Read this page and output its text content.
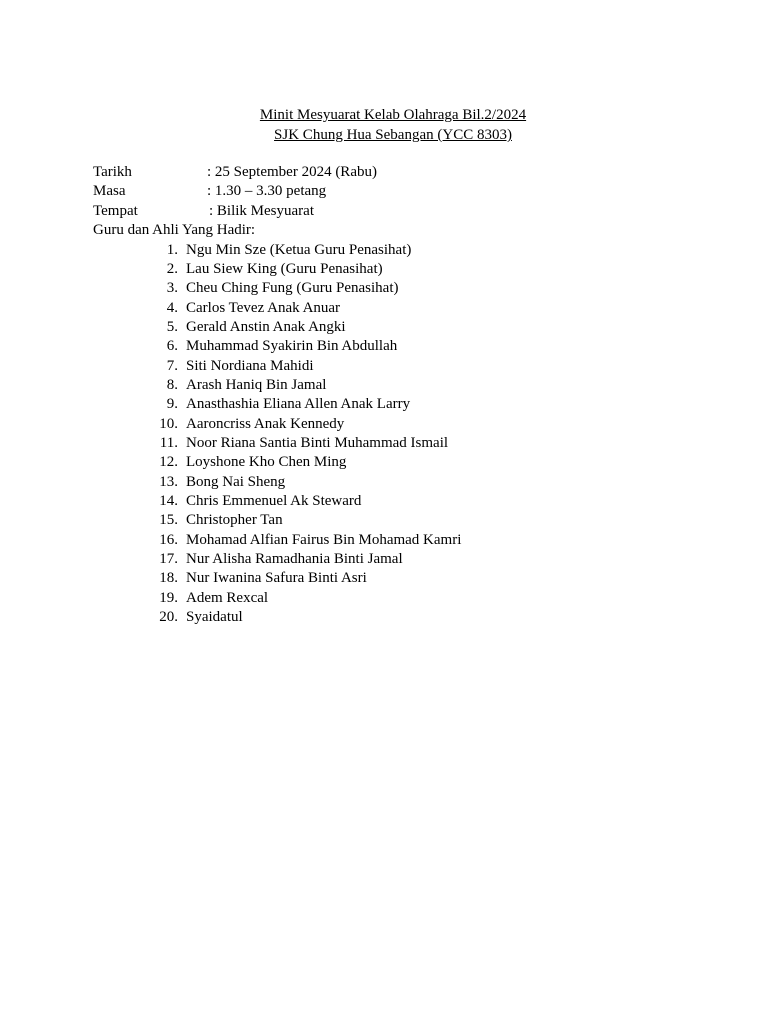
Minit Mesyuarat Kelab Olahraga Bil.2/2024
SJK Chung Hua Sebangan (YCC 8303)
Tarikh	: 25 September 2024 (Rabu)
Masa	: 1.30 – 3.30 petang
Tempat	: Bilik Mesyuarat
Guru dan Ahli Yang Hadir:
1. Ngu Min Sze (Ketua Guru Penasihat)
2. Lau Siew King (Guru Penasihat)
3. Cheu Ching Fung (Guru Penasihat)
4. Carlos Tevez Anak Anuar
5. Gerald Anstin Anak Angki
6. Muhammad Syakirin Bin Abdullah
7. Siti Nordiana Mahidi
8. Arash Haniq Bin Jamal
9. Anasthashia Eliana Allen Anak Larry
10. Aaroncriss Anak Kennedy
11. Noor Riana Santia Binti Muhammad Ismail
12. Loyshone Kho Chen Ming
13. Bong Nai Sheng
14. Chris Emmenuel Ak Steward
15. Christopher Tan
16. Mohamad Alfian Fairus Bin Mohamad Kamri
17. Nur Alisha Ramadhania Binti Jamal
18. Nur Iwanina Safura Binti Asri
19. Adem Rexcal
20. Syaidatul
